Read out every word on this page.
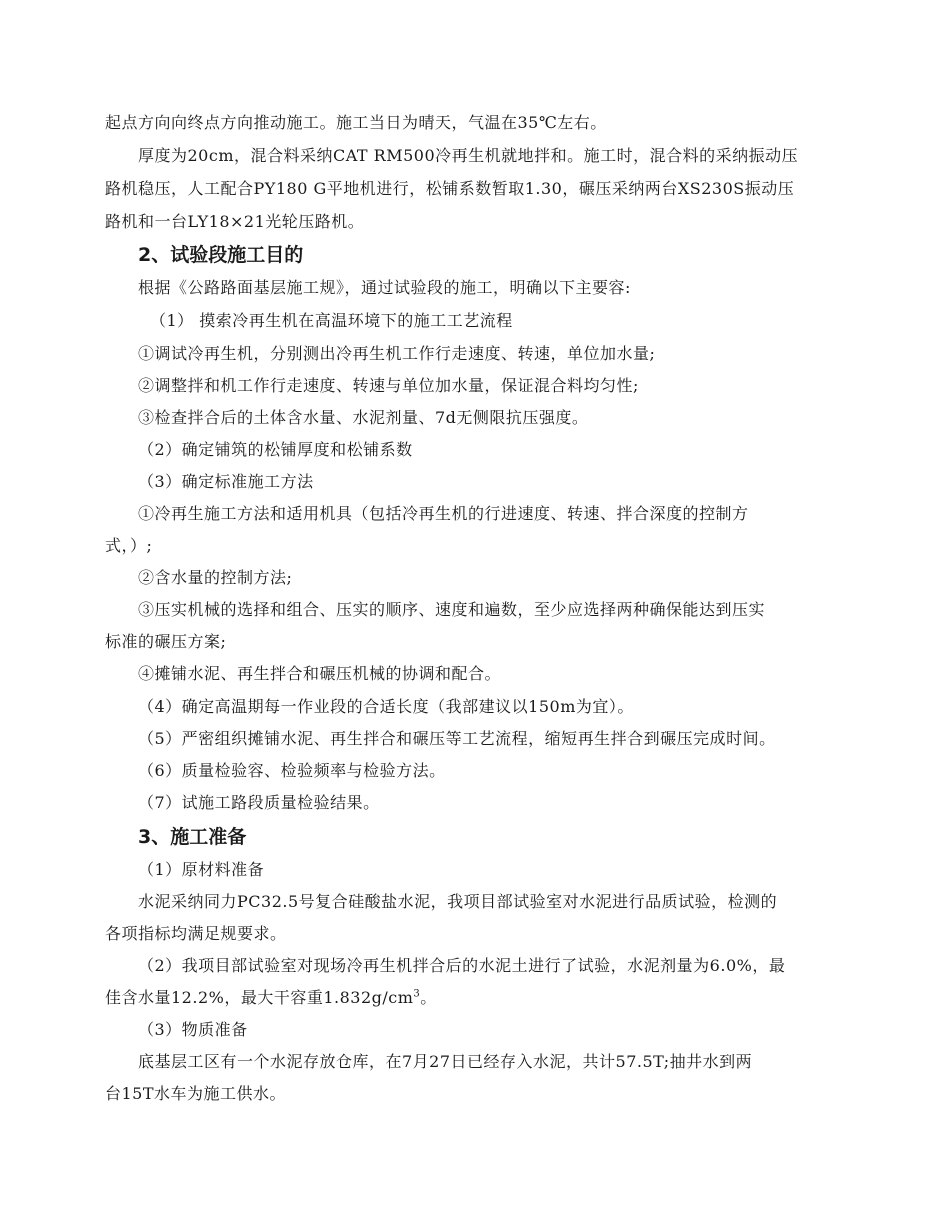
起点方向向终点方向推动施工。施工当日为晴天，气温在35℃左右。
厚度为20cm，混合料采纳CAT RM500冷再生机就地拌和。施工时，混合料的采纳振动压
路机稳压，人工配合PY180 G平地机进行，松铺系数暂取1.30，碾压采纳两台XS230S振动压
路机和一台LY18×21光轮压路机。
2、试验段施工目的
根据《公路路面基层施工规》，通过试验段的施工，明确以下主要容:
（1） 摸索冷再生机在高温环境下的施工工艺流程
①调试冷再生机，分别测出冷再生机工作行走速度、转速，单位加水量;
②调整拌和机工作行走速度、转速与单位加水量，保证混合料均匀性;
③检查拌合后的土体含水量、水泥剂量、7d无侧限抗压强度。
（2）确定铺筑的松铺厚度和松铺系数
（3）确定标准施工方法
①冷再生施工方法和适用机具（包括冷再生机的行进速度、转速、拌合深度的控制方
式，）;
②含水量的控制方法;
③压实机械的选择和组合、压实的顺序、速度和遍数，至少应选择两种确保能达到压实
标准的碾压方案;
④摊铺水泥、再生拌合和碾压机械的协调和配合。
（4）确定高温期每一作业段的合适长度（我部建议以150m为宜）。
（5）严密组织摊铺水泥、再生拌合和碾压等工艺流程，缩短再生拌合到碾压完成时间。
（6）质量检验容、检验频率与检验方法。
（7）试施工路段质量检验结果。
3、施工准备
（1）原材料准备
水泥采纳同力PC32.5号复合硅酸盐水泥，我项目部试验室对水泥进行品质试验，检测的
各项指标均满足规要求。
（2）我项目部试验室对现场冷再生机拌合后的水泥土进行了试验，水泥剂量为6.0%，最
佳含水量12.2%，最大干容重$1.832g/cm^3$。
（3）物质准备
底基层工区有一个水泥存放仓库，在7月27日已经存入水泥，共计57.5T;抽井水到两
台15T水车为施工供水。
